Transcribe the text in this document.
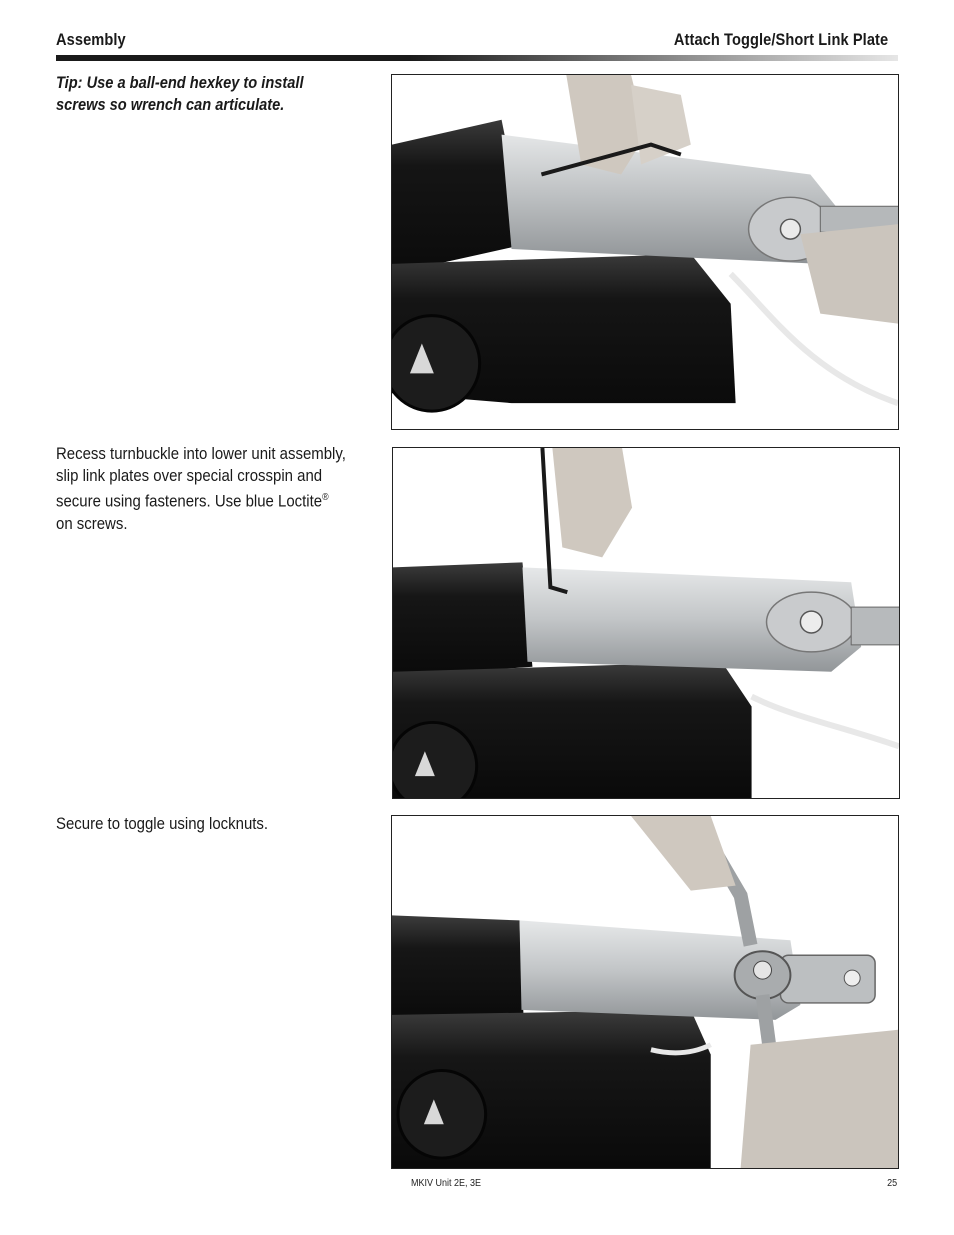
Assembly	Attach Toggle/Short Link Plate
Tip: Use a ball-end hexkey to install screws so wrench can articulate.
Recess turnbuckle into lower unit assembly, slip link plates over special crosspin and secure using fasteners. Use blue Loctite® on screws.
Secure to toggle using locknuts.
MKIV Unit 2E, 3E	25
